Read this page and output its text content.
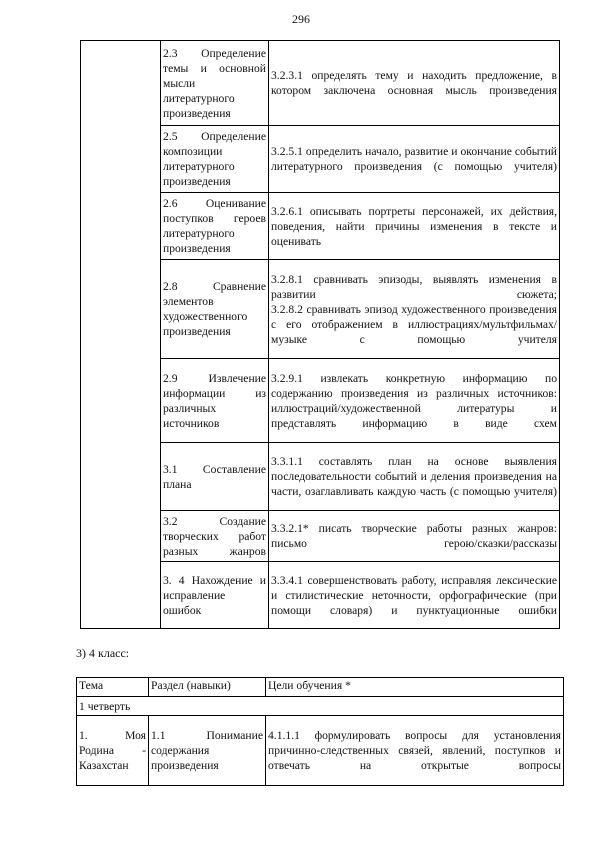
296
	2.3 Определение темы и основной мысли литературного произведения	3.2.3.1 определять тему и находить предложение, в котором заключена основная мысль произведения
	2.5 Определение композиции литературного произведения	3.2.5.1 определить начало, развитие и окончание событий литературного произведения (с помощью учителя)
	2.6 Оценивание поступков героев литературного произведения	3.2.6.1 описывать портреты персонажей, их действия, поведения, найти причины изменения в тексте и оценивать
	2.8 Сравнение элементов художественного произведения	3.2.8.1 сравнивать эпизоды, выявлять изменения в развитии сюжета;
3.2.8.2 сравнивать эпизод художественного произведения с его отображением в иллюстрациях/мультфильмах/музыке с помощью учителя
	2.9 Извлечение информации из различных источников	3.2.9.1 извлекать конкретную информацию по содержанию произведения из различных источников: иллюстраций/художественной литературы и представлять информацию в виде схем
	3.1 Составление плана	3.3.1.1 составлять план на основе выявления последовательности событий и деления произведения на части, озаглавливать каждую часть (с помощью учителя)
	3.2 Создание творческих работ разных жанров	3.3.2.1* писать творческие работы разных жанров: письмо герою/сказки/рассказы
	3. 4 Нахождение и исправление ошибок	3.3.4.1 совершенствовать работу, исправляя лексические и стилистические неточности, орфографические (при помощи словаря) и пунктуационные ошибки
3) 4 класс:
Тема	Раздел (навыки)	Цели обучения *
1 четверть		
1. Моя Родина - Казахстан	1.1 Понимание содержания произведения	4.1.1.1 формулировать вопросы для установления причинно-следственных связей, явлений, поступков и отвечать на открытые вопросы
